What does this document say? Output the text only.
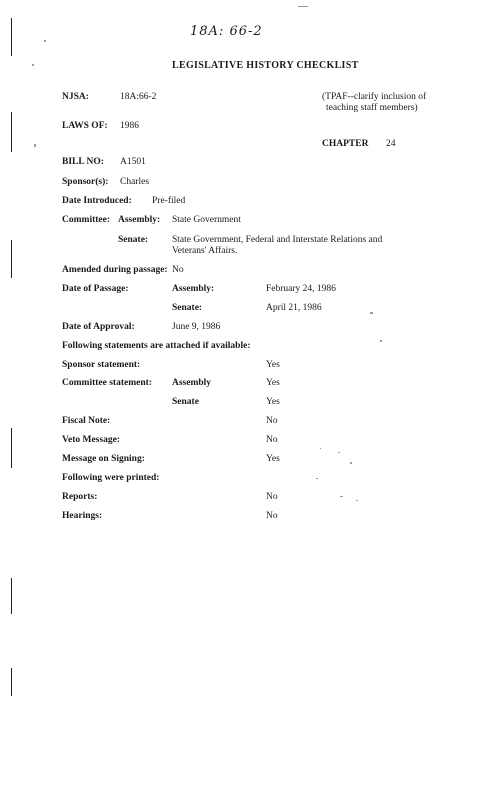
18A: 66-2
LEGISLATIVE HISTORY CHECKLIST
NJSA:	18A:66-2	(TPAF--clarify inclusion of
teaching staff members)
LAWS OF: 1986
CHAPTER 24
BILL NO: A1501
Sponsor(s): Charles
Date Introduced: Pre-filed
Committee: Assembly: State Government
Senate:	State Government, Federal and Interstate Relations and
Veterans' Affairs.
Amended during passage: No
Date of Passage:	Assembly:	February 24, 1986
Senate:	April 21, 1986
Date of Approval:	June 9, 1986
Following statements are attached if available:
Sponsor statement:	Yes
Committee statement: Assembly	Yes
Senate	Yes
Fiscal Note:	No
Veto Message:	No
Message on Signing:	Yes
Following were printed:
Reports:	No
Hearings:	No
